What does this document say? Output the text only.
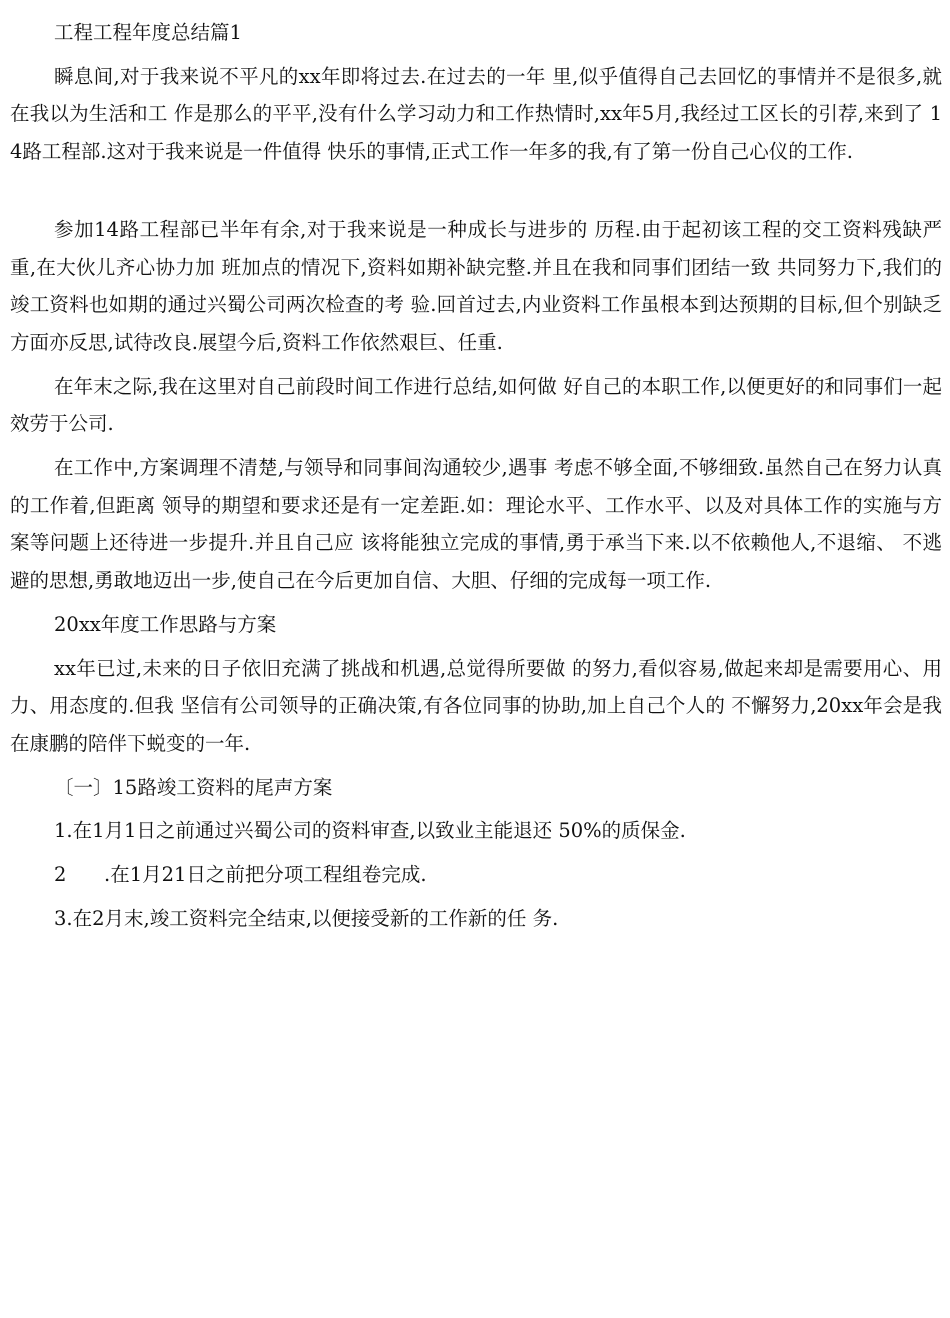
工程工程年度总结篇1

瞬息间,对于我来说不平凡的xx年即将过去.在过去的一年 里,似乎值得自己去回忆的事情并不是很多,就在我以为生活和工 作是那么的平平,没有什么学习动力和工作热情时,xx年5月,我经过工区长的引荐,来到了 14路工程部.这对于我来说是一件值得 快乐的事情,正式工作一年多的我,有了第一份自己心仪的工作.

参加14路工程部已半年有余,对于我来说是一种成长与进步的 历程.由于起初该工程的交工资料残缺严重,在大伙儿齐心协力加 班加点的情况下,资料如期补缺完整.并且在我和同事们团结一致 共同努力下,我们的竣工资料也如期的通过兴蜀公司两次检查的考 验.回首过去,内业资料工作虽根本到达预期的目标,但个别缺乏 方面亦反思,试待改良.展望今后,资料工作依然艰巨、任重.

在年末之际,我在这里对自己前段时间工作进行总结,如何做 好自己的本职工作,以便更好的和同事们一起效劳于公司.

在工作中,方案调理不清楚,与领导和同事间沟通较少,遇事 考虑不够全面,不够细致.虽然自己在努力认真的工作着,但距离 领导的期望和要求还是有一定差距.如：理论水平、工作水平、以及对具体工作的实施与方案等问题上还待进一步提升.并且自己应 该将能独立完成的事情,勇于承当下来.以不依赖他人,不退缩、 不逃避的思想,勇敢地迈出一步,使自己在今后更加自信、大胆、仔细的完成每一项工作.

20xx年度工作思路与方案

xx年已过,未来的日子依旧充满了挑战和机遇,总觉得所要做 的努力,看似容易,做起来却是需要用心、用力、用态度的.但我 坚信有公司领导的正确决策,有各位同事的协助,加上自己个人的 不懈努力,20xx年会是我在康鹏的陪伴下蜕变的一年.

〔一〕15路竣工资料的尾声方案

1.在1月1日之前通过兴蜀公司的资料审查,以致业主能退还 50%的质保金.

2 .在1月21日之前把分项工程组卷完成.

3.在2月末,竣工资料完全结束,以便接受新的工作新的任 务.
